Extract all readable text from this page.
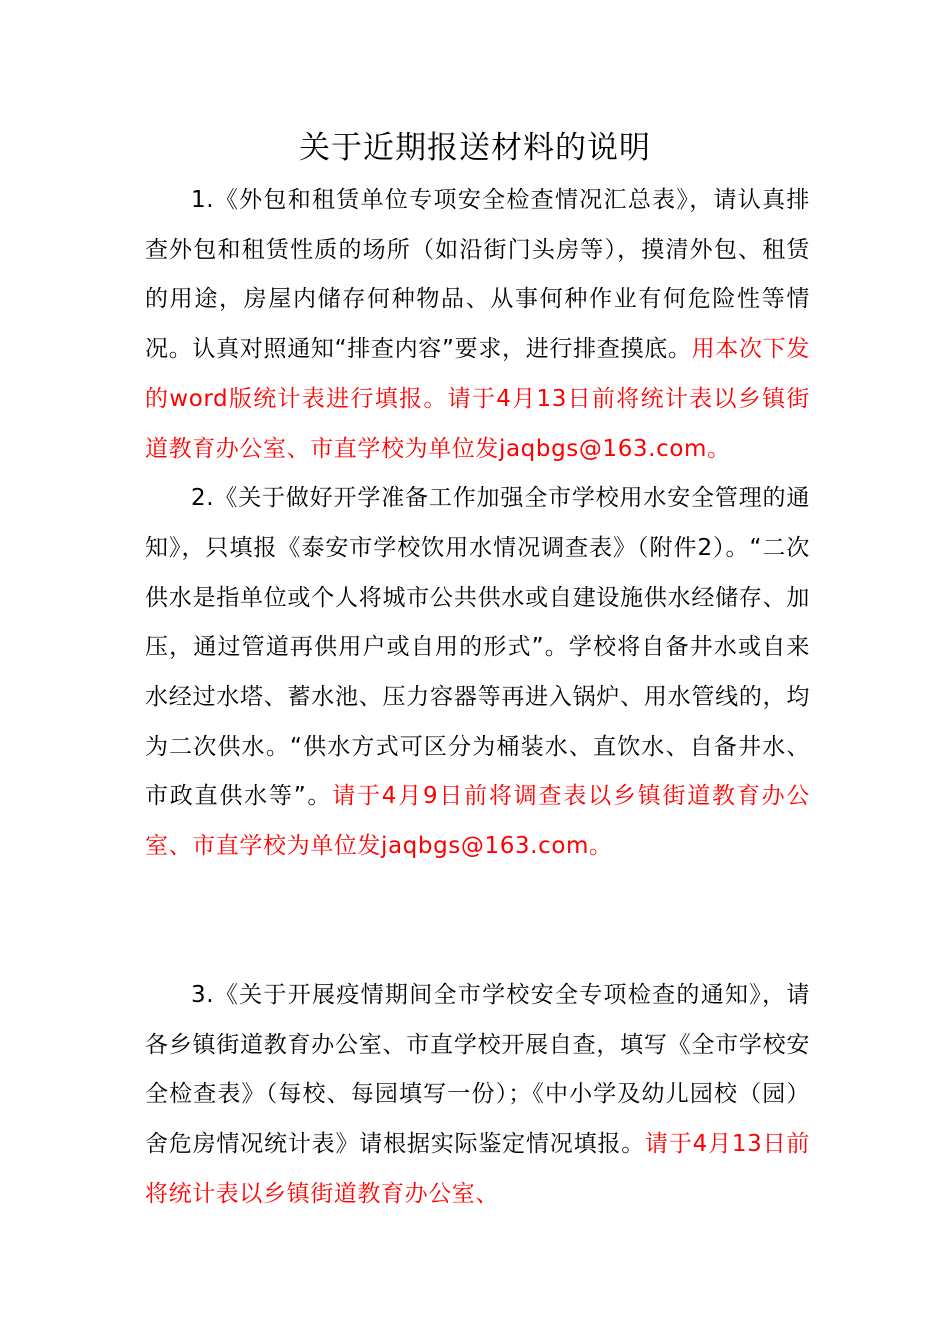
关于近期报送材料的说明

1.《外包和租赁单位专项安全检查情况汇总表》，请认真排查外包和租赁性质的场所（如沿街门头房等），摸清外包、租赁的用途，房屋内储存何种物品、从事何种作业有何危险性等情况。认真对照通知“排查内容”要求，进行排查摸底。用本次下发的word版统计表进行填报。请于4月13日前将统计表以乡镇街道教育办公室、市直学校为单位发jaqbgs@163.com。

2.《关于做好开学准备工作加强全市学校用水安全管理的通知》，只填报《泰安市学校饮用水情况调查表》（附件2）。“二次供水是指单位或个人将城市公共供水或自建设施供水经储存、加压，通过管道再供用户或自用的形式”。学校将自备井水或自来水经过水塔、蓄水池、压力容器等再进入锅炉、用水管线的，均为二次供水。“供水方式可区分为桶装水、直饮水、自备井水、市政直供水等”。请于4月9日前将调查表以乡镇街道教育办公室、市直学校为单位发jaqbgs@163.com。

3.《关于开展疫情期间全市学校安全专项检查的通知》，请各乡镇街道教育办公室、市直学校开展自查，填写《全市学校安全检查表》（每校、每园填写一份）；《中小学及幼儿园校（园）舍危房情况统计表》请根据实际鉴定情况填报。请于4月13日前将统计表以乡镇街道教育办公室、
